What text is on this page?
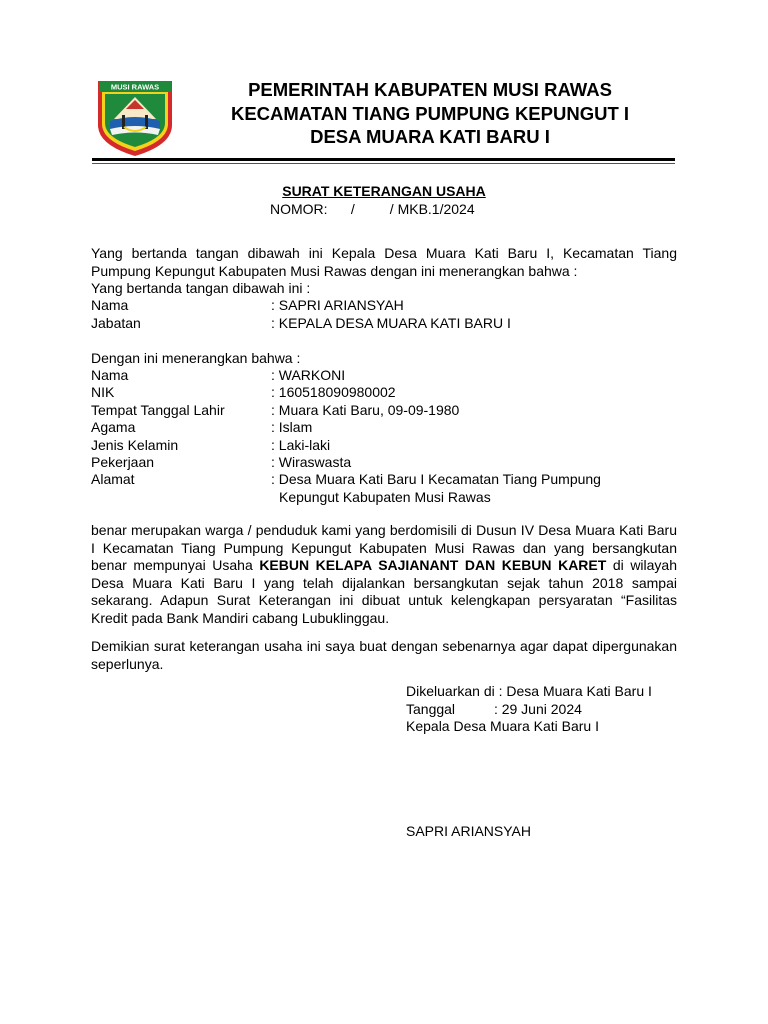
MUSI RAWAS	PEMERINTAH KABUPATEN MUSI RAWAS
KECAMATAN TIANG PUMPUNG KEPUNGUT I
DESA MUARA KATI BARU I
SURAT KETERANGAN USAHA
NOMOR:      /         / MKB.1/2024
Yang bertanda tangan dibawah ini Kepala Desa Muara Kati Baru I, Kecamatan Tiang Pumpung Kepungut Kabupaten Musi Rawas dengan ini menerangkan bahwa :
Yang bertanda tangan dibawah ini :
Nama	: SAPRI ARIANSYAH
Jabatan	: KEPALA DESA MUARA KATI BARU I
Dengan ini menerangkan bahwa :
Nama	: WARKONI
NIK	: 160518090980002
Tempat Tanggal Lahir	: Muara Kati Baru, 09-09-1980
Agama	: Islam
Jenis Kelamin	: Laki-laki
Pekerjaan	: Wiraswasta
Alamat	: Desa Muara Kati Baru I Kecamatan Tiang Pumpung
Kepungut Kabupaten Musi Rawas
benar merupakan warga / penduduk kami yang berdomisili di Dusun IV Desa Muara Kati Baru I Kecamatan Tiang Pumpung Kepungut Kabupaten Musi Rawas dan yang bersangkutan benar mempunyai Usaha KEBUN KELAPA SAJIANANT DAN KEBUN KARET di wilayah Desa Muara Kati Baru I yang telah dijalankan bersangkutan sejak tahun 2018 sampai sekarang. Adapun Surat Keterangan ini dibuat untuk kelengkapan persyaratan “Fasilitas Kredit pada Bank Mandiri cabang Lubuklinggau.
Demikian surat keterangan usaha ini saya buat dengan sebenarnya agar dapat dipergunakan seperlunya.
Dikeluarkan di : Desa Muara Kati Baru I
Tanggal          : 29 Juni 2024
Kepala Desa Muara Kati Baru I
SAPRI ARIANSYAH
